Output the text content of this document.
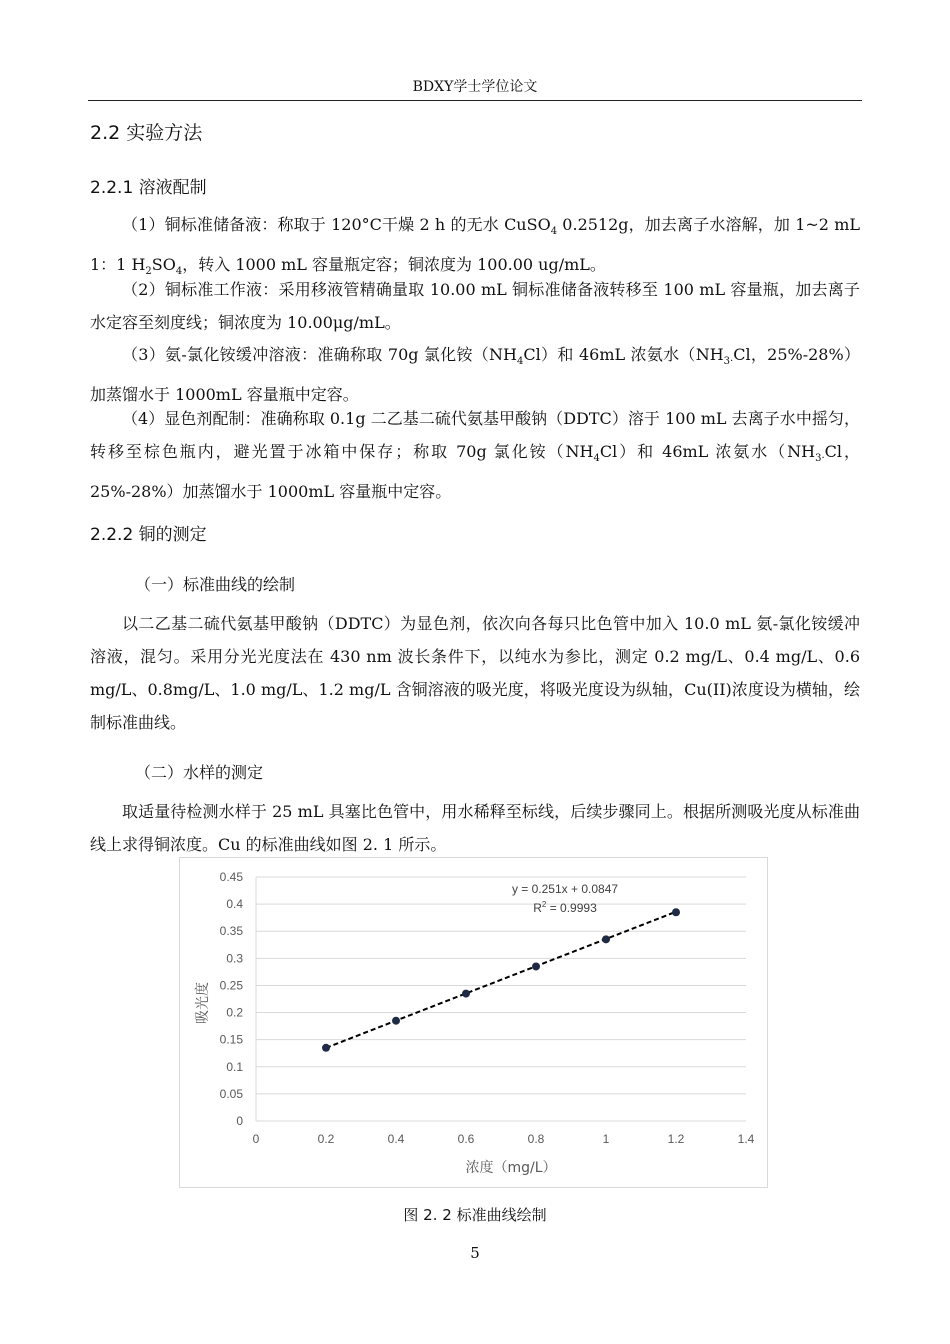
BDXY学士学位论文
2.2 实验方法
2.2.1 溶液配制
（1）铜标准储备液：称取于 120°C干燥 2 h 的无水 CuSO$_4$ 0.2512g，加去离子水溶解，加 1~2 mL 1：1 $H_2SO_4$，转入 1000 mL 容量瓶定容；铜浓度为 100.00 ug/mL。
（2）铜标准工作液：采用移液管精确量取 10.00 mL 铜标准储备液转移至 100 mL 容量瓶，加去离子水定容至刻度线；铜浓度为 10.00μg/mL。
（3）氨-氯化铵缓冲溶液：准确称取 70g 氯化铵$(NH_4Cl)$和 46mL 浓氨水（$NH_{3\cdot}Cl$，25%-28%）加蒸馏水于 1000mL 容量瓶中定容。
（4）显色剂配制：准确称取 0.1g 二乙基二硫代氨基甲酸钠（DDTC）溶于 100 mL 去离子水中摇匀，转移至棕色瓶内，避光置于冰箱中保存；称取 70g 氯化铵$(NH_4Cl)$和 46mL 浓氨水（$NH_{3\cdot}Cl$，25%-28%）加蒸馏水于 1000mL 容量瓶中定容。
2.2.2 铜的测定
（一）标准曲线的绘制
以二乙基二硫代氨基甲酸钠（DDTC）为显色剂，依次向各每只比色管中加入 10.0 mL 氨-氯化铵缓冲溶液，混匀。采用分光光度法在 430 nm 波长条件下，以纯水为参比，测定 0.2 mg/L、0.4 mg/L、0.6 mg/L、0.8mg/L、1.0 mg/L、1.2 mg/L 含铜溶液的吸光度，将吸光度设为纵轴，Cu(II)浓度设为横轴，绘制标准曲线。
（二）水样的测定
取适量待检测水样于 25 mL 具塞比色管中，用水稀释至标线，后续步骤同上。根据所测吸光度从标准曲线上求得铜浓度。Cu 的标准曲线如图 2. 1 所示。
0
0.05
0.1
0.15
0.2
0.25
0.3
0.35
0.4
0.45
0	0.2	0.4	0.6	0.8	1	1.2	1.4
y = 0.251x + 0.0847
$R^2 = 0.9993$
浓度（mg/L）
吸光度
图 2. 2 标准曲线绘制
5
